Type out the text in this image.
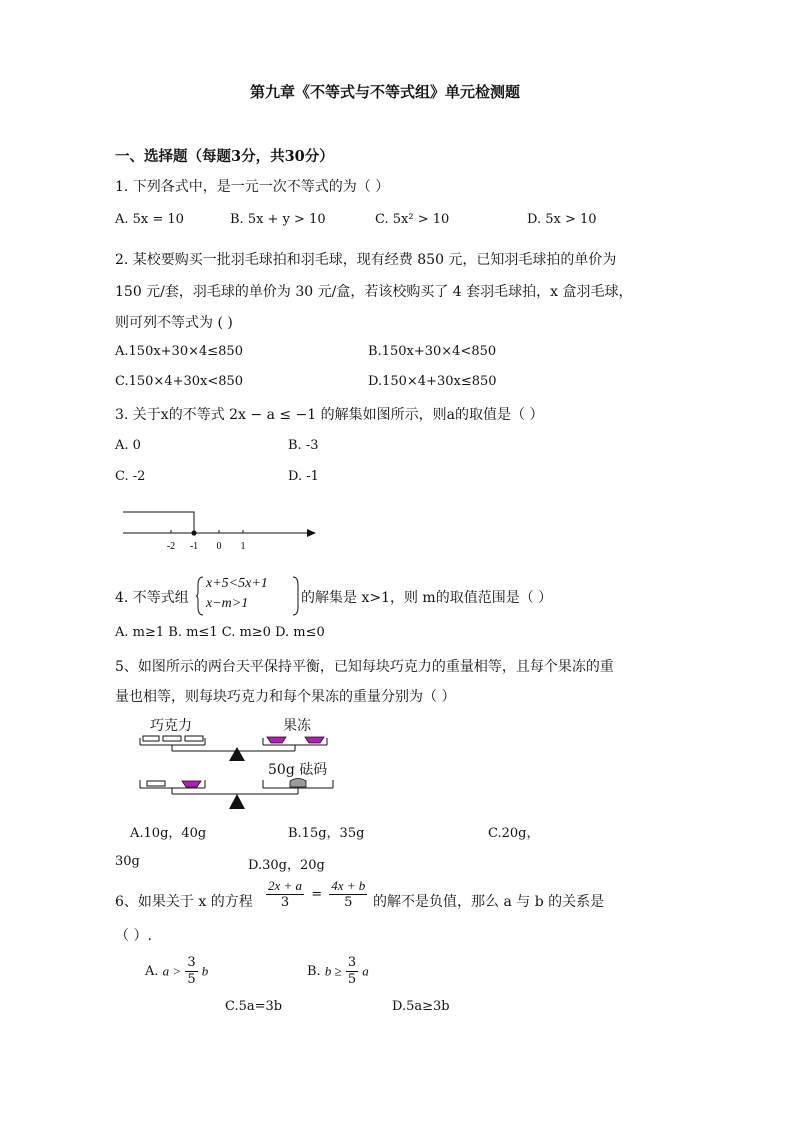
第九章《不等式与不等式组》单元检测题
一、选择题（每题3分，共30分）
1. 下列各式中，是一元一次不等式的为（ ）
A. 5x = 10	B. 5x + y > 10	C. 5x² > 10	D. 5x > 10
2. 某校要购买一批羽毛球拍和羽毛球，现有经费 850 元，已知羽毛球拍的单价为
150 元/套，羽毛球的单价为 30 元/盒，若该校购买了 4 套羽毛球拍，x 盒羽毛球，
则可列不等式为 ( )
A.150x+30×4≤850	B.150x+30×4<850
C.150×4+30x<850	D.150×4+30x≤850
3. 关于x的不等式 2x − a ≤ −1 的解集如图所示，则a的取值是（ ）
A. 0	B. -3
C. -2	D. -1
-2 -1 0 1
4. 不等式组
x+5<5x+1
x−m>1	的解集是 x>1，则 m的取值范围是（ ）
A. m≥1 B. m≤1 C. m≥0 D. m≤0
5、如图所示的两台天平保持平衡，已知每块巧克力的重量相等，且每个果冻的重
量也相等，则每块巧克力和每个果冻的重量分别为（ ）
巧克力	果冻
50g 砝码
A.10g，40g	B.15g，35g	C.20g，
30g	D.30g，20g
6、如果关于 x 的方程 $\frac{2x + a}{3} = \frac{4x + b}{5}$ 的解不是负值，那么 a 与 b 的关系是
（ ）.
A. $a > \frac{3}{5}$ b	B. $b \ge \frac{3}{5}$ a
C.5a=3b	D.5a≥3b
